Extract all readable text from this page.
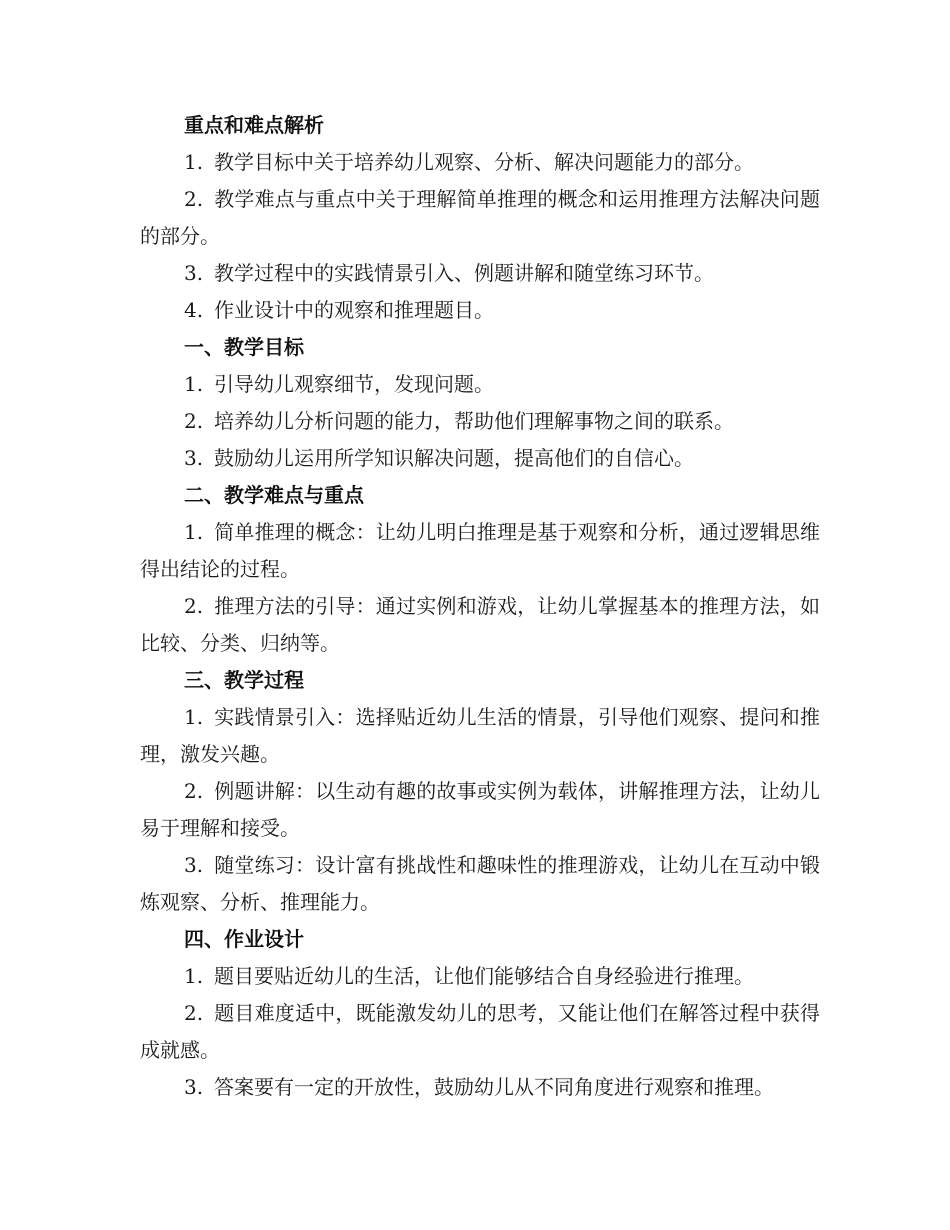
重点和难点解析

1. 教学目标中关于培养幼儿观察、分析、解决问题能力的部分。

2. 教学难点与重点中关于理解简单推理的概念和运用推理方法解决问题的部分。

3. 教学过程中的实践情景引入、例题讲解和随堂练习环节。

4. 作业设计中的观察和推理题目。

一、教学目标

1. 引导幼儿观察细节，发现问题。

2. 培养幼儿分析问题的能力，帮助他们理解事物之间的联系。

3. 鼓励幼儿运用所学知识解决问题，提高他们的自信心。

二、教学难点与重点

1. 简单推理的概念：让幼儿明白推理是基于观察和分析，通过逻辑思维得出结论的过程。

2. 推理方法的引导：通过实例和游戏，让幼儿掌握基本的推理方法，如比较、分类、归纳等。

三、教学过程

1. 实践情景引入：选择贴近幼儿生活的情景，引导他们观察、提问和推理，激发兴趣。

2. 例题讲解：以生动有趣的故事或实例为载体，讲解推理方法，让幼儿易于理解和接受。

3. 随堂练习：设计富有挑战性和趣味性的推理游戏，让幼儿在互动中锻炼观察、分析、推理能力。

四、作业设计

1. 题目要贴近幼儿的生活，让他们能够结合自身经验进行推理。

2. 题目难度适中，既能激发幼儿的思考，又能让他们在解答过程中获得成就感。

3. 答案要有一定的开放性，鼓励幼儿从不同角度进行观察和推理。
